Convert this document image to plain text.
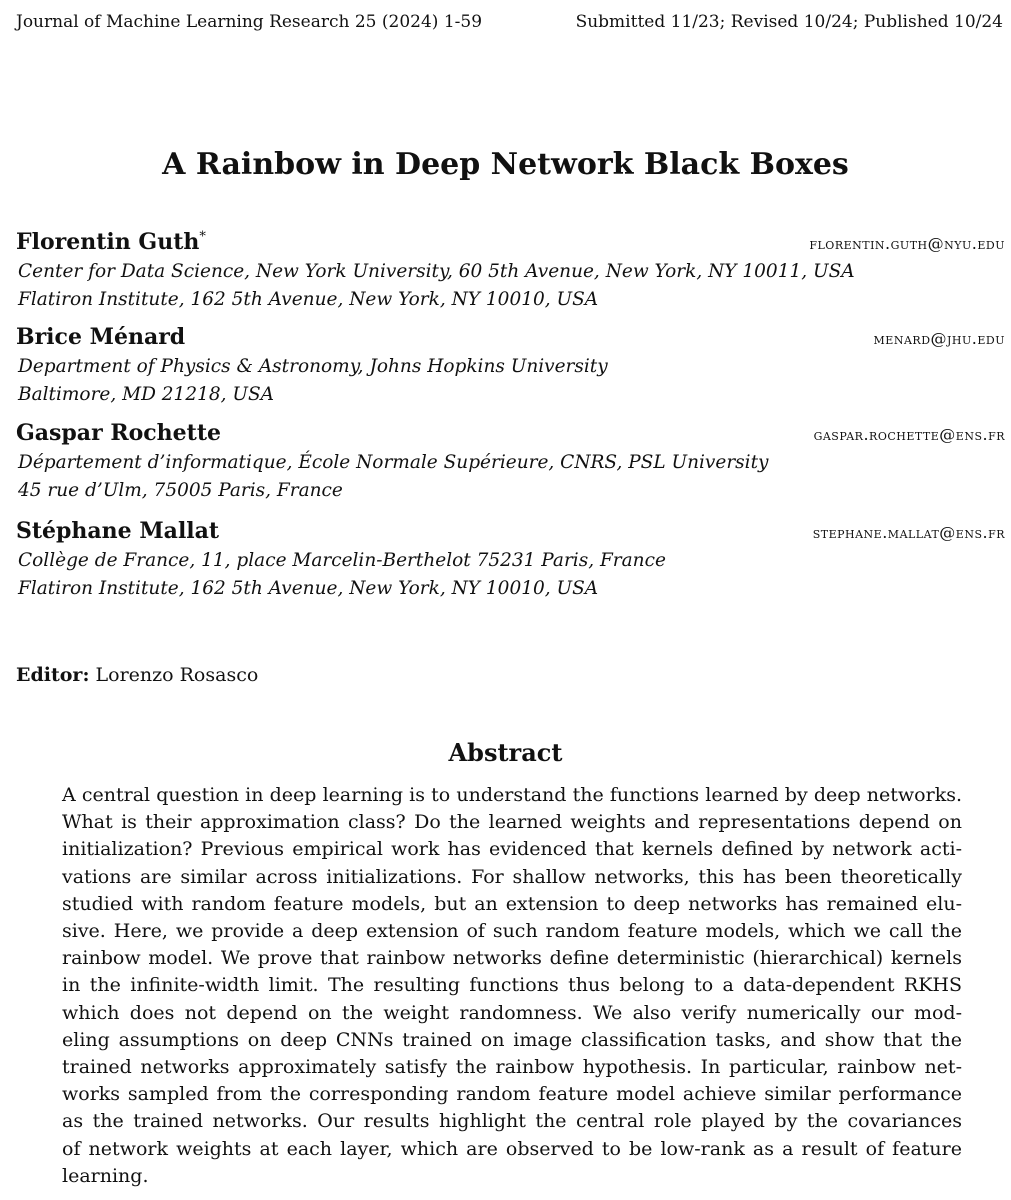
Journal of Machine Learning Research 25 (2024) 1-59	Submitted 11/23; Revised 10/24; Published 10/24
A Rainbow in Deep Network Black Boxes
Florentin Guth*	florentin.guth@nyu.edu
Center for Data Science, New York University, 60 5th Avenue, New York, NY 10011, USA
Flatiron Institute, 162 5th Avenue, New York, NY 10010, USA
Brice Ménard	menard@jhu.edu
Department of Physics & Astronomy, Johns Hopkins University
Baltimore, MD 21218, USA
Gaspar Rochette	gaspar.rochette@ens.fr
Département d’informatique, École Normale Supérieure, CNRS, PSL University
45 rue d’Ulm, 75005 Paris, France
Stéphane Mallat	stephane.mallat@ens.fr
Collège de France, 11, place Marcelin-Berthelot 75231 Paris, France
Flatiron Institute, 162 5th Avenue, New York, NY 10010, USA
Editor: Lorenzo Rosasco
Abstract
A central question in deep learning is to understand the functions learned by deep networks.
What is their approximation class? Do the learned weights and representations depend on
initialization? Previous empirical work has evidenced that kernels defined by network acti-
vations are similar across initializations. For shallow networks, this has been theoretically
studied with random feature models, but an extension to deep networks has remained elu-
sive. Here, we provide a deep extension of such random feature models, which we call the
rainbow model. We prove that rainbow networks define deterministic (hierarchical) kernels
in the infinite-width limit. The resulting functions thus belong to a data-dependent RKHS
which does not depend on the weight randomness. We also verify numerically our mod-
eling assumptions on deep CNNs trained on image classification tasks, and show that the
trained networks approximately satisfy the rainbow hypothesis. In particular, rainbow net-
works sampled from the corresponding random feature model achieve similar performance
as the trained networks. Our results highlight the central role played by the covariances
of network weights at each layer, which are observed to be low-rank as a result of feature
learning.
